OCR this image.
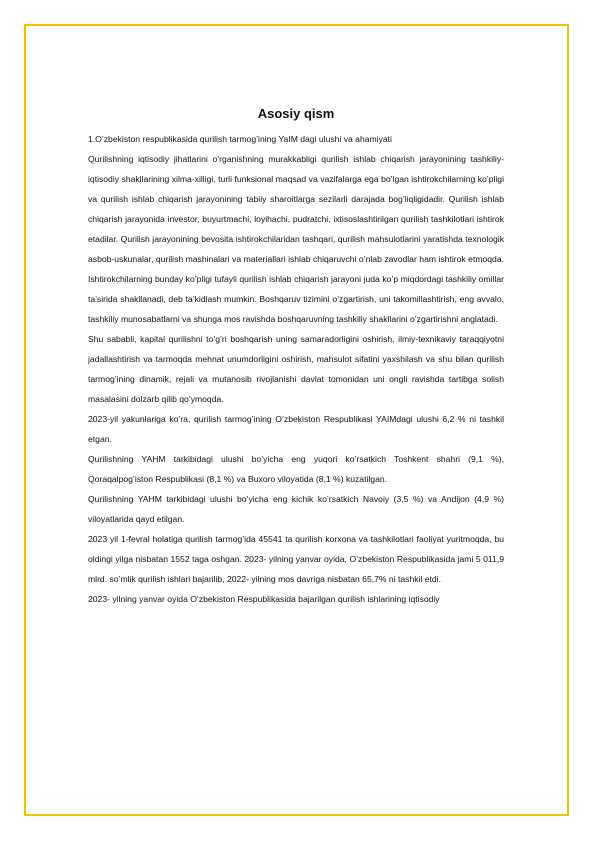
Asosiy qism
1.O’zbekiston respublikasida qurilish tarmog’ining YaIM dagi ulushi va ahamiyati

Qurilishning iqtisodiy jihatlarini o’rganishning murakkabligi qurilish ishlab chiqarish jarayonining tashkiliy-iqtisodiy shakllarining xilma-xilligi, turli funksional maqsad va vazifalarga ega bo’lgan ishtirokchilarning ko’pligi va qurilish ishlab chiqarish jarayonining tabiiy sharoitlarga sezilarli darajada bog’liqligidadir. Qurilish ishlab chiqarish jarayonida investor, buyurtmachi, loyihachi, pudratchi, ixtisoslashtirilgan qurilish tashkilotlari ishtirok etadilar. Qurilish jarayonining bevosita ishtirokchilaridan tashqari, qurilish mahsulotlarini yaratishda texnologik asbob-uskunalar, qurilish mashinalari va materiallari ishlab chiqaruvchi o’nlab zavodlar ham ishtirok etmoqda. Ishtirokchilarning bunday ko’pligi tufayli qurilish ishlab chiqarish jarayoni juda ko’p miqdordagi tashkiliy omillar ta’sirida shakllanadi, deb ta’kidlash mumkin. Boshqaruv tizimini o’zgartirish, uni takomillashtirish, eng avvalo, tashkiliy munosabatlarni va shunga mos ravishda boshqaruvning tashkiliy shakllarini o’zgartirishni anglatadi.

Shu sababli, kapital qurilishni to’g’ri boshqarish uning samaradorligini oshirish, ilmiy-texnikaviy taraqqiyotni jadallashtirish va tarmoqda mehnat unumdorligini oshirish, mahsulot sifatini yaxshilash va shu bilan qurilish tarmog’ining dinamik, rejali va mutanosib rivojlanishi davlat tomonidan uni ongli ravishda tartibga solish masalasini dolzarb qilib qo’ymoqda.

2023-yil yakunlariga ko’ra, qurilish tarmog’ining O’zbekiston Respublikasi YAIMdagi ulushi 6,2 % ni tashkil etgan.

Qurilishning YAHM tarkibidagi ulushi bo’yicha eng yuqori ko’rsatkich Toshkent shahri (9,1 %), Qoraqalpog’iston Respublikasi (8,1 %) va Buxoro viloyatida (8,1 %) kuzatilgan.

Qurilishning YAHM tarkibidagi ulushi bo’yicha eng kichik ko’rsatkich Navoiy (3,5 %) va Andijon (4,9 %) viloyatlarida qayd etilgan.

2023 yil 1-fevral holatiga qurilish tarmog’ida 45541 ta qurilish korxona va tashkilotlari faoliyat yuritmoqda, bu oldingi yilga nisbatan 1552 taga oshgan. 2023- yilning yanvar oyida, O’zbekiston Respublikasida jami 5 011,9 mlrd. so’mlik qurilish ishlari bajarilib, 2022- yilning mos davriga nisbatan 65,7% ni tashkil etdi.

2023- yilning yanvar oyida O’zbekiston Respublikasida bajarilgan qurilish ishlarining iqtisodiy
